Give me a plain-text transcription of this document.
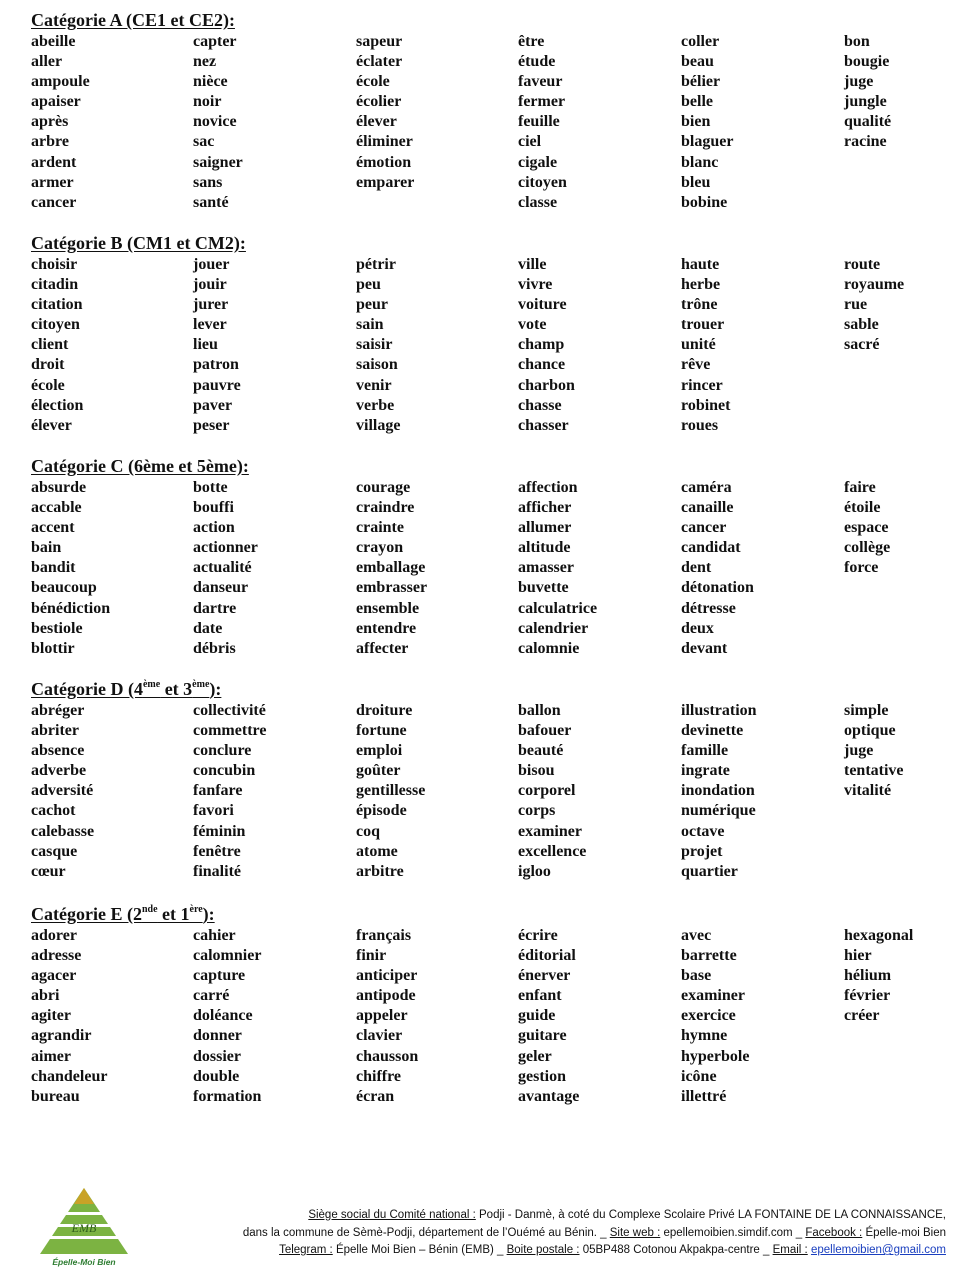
Catégorie A (CE1 et CE2):
abeille
aller
ampoule
apaiser
après
arbre
ardent
armer
cancer
capter
nez
nièce
noir
novice
sac
saigner
sans
santé
sapeur
éclater
école
écolier
élever
éliminer
émotion
emparer
être
étude
faveur
fermer
feuille
ciel
cigale
citoyen
classe
coller
beau
bélier
belle
bien
blaguer
blanc
bleu
bobine
bon
bougie
juge
jungle
qualité
racine
Catégorie B (CM1 et CM2):
choisir
citadin
citation
citoyen
client
droit
école
élection
élever
jouer
jouir
jurer
lever
lieu
patron
pauvre
paver
peser
pétrir
peu
peur
sain
saisir
saison
venir
verbe
village
ville
vivre
voiture
vote
champ
chance
charbon
chasse
chasser
haute
herbe
trône
trouer
unité
rêve
rincer
robinet
roues
route
royaume
rue
sable
sacré
Catégorie C (6ème et 5ème):
absurde
accable
accent
bain
bandit
beaucoup
bénédiction
bestiole
blottir
botte
bouffi
action
actionner
actualité
danseur
dartre
date
débris
courage
craindre
crainte
crayon
emballage
embrasser
ensemble
entendre
affecter
affection
afficher
allumer
altitude
amasser
buvette
calculatrice
calendrier
calomnie
caméra
canaille
cancer
candidat
dent
détonation
détresse
deux
devant
faire
étoile
espace
collège
force
Catégorie D (4ème et 3ème):
abréger
abriter
absence
adverbe
adversité
cachot
calebasse
casque
cœur
collectivité
commettre
conclure
concubin
fanfare
favori
féminin
fenêtre
finalité
droiture
fortune
emploi
goûter
gentillesse
épisode
coq
atome
arbitre
ballon
bafouer
beauté
bisou
corporel
corps
examiner
excellence
igloo
illustration
devinette
famille
ingrate
inondation
numérique
octave
projet
quartier
simple
optique
juge
tentative
vitalité
Catégorie E (2nde et 1ère):
adorer
adresse
agacer
abri
agiter
agrandir
aimer
chandeleur
bureau
cahier
calomnier
capture
carré
doléance
donner
dossier
double
formation
français
finir
anticiper
antipode
appeler
clavier
chausson
chiffre
écran
écrire
éditorial
énerver
enfant
guide
guitare
geler
gestion
avantage
avec
barrette
base
examiner
exercice
hymne
hyperbole
icône
illettré
hexagonal
hier
hélium
février
créer
EMB
Épelle-Moi Bien
Siège social du Comité national : Podji - Danmè, à coté du Complexe Scolaire Privé LA FONTAINE DE LA CONNAISSANCE,
dans la commune de Sèmè-Podji, département de l’Ouémé au Bénin. _ Site web : epellemoibien.simdif.com _ Facebook : Épelle-moi Bien
Telegram : Épelle Moi Bien – Bénin (EMB) _ Boite postale : 05BP488 Cotonou Akpakpa-centre _ Email : epellemoibien@gmail.com
